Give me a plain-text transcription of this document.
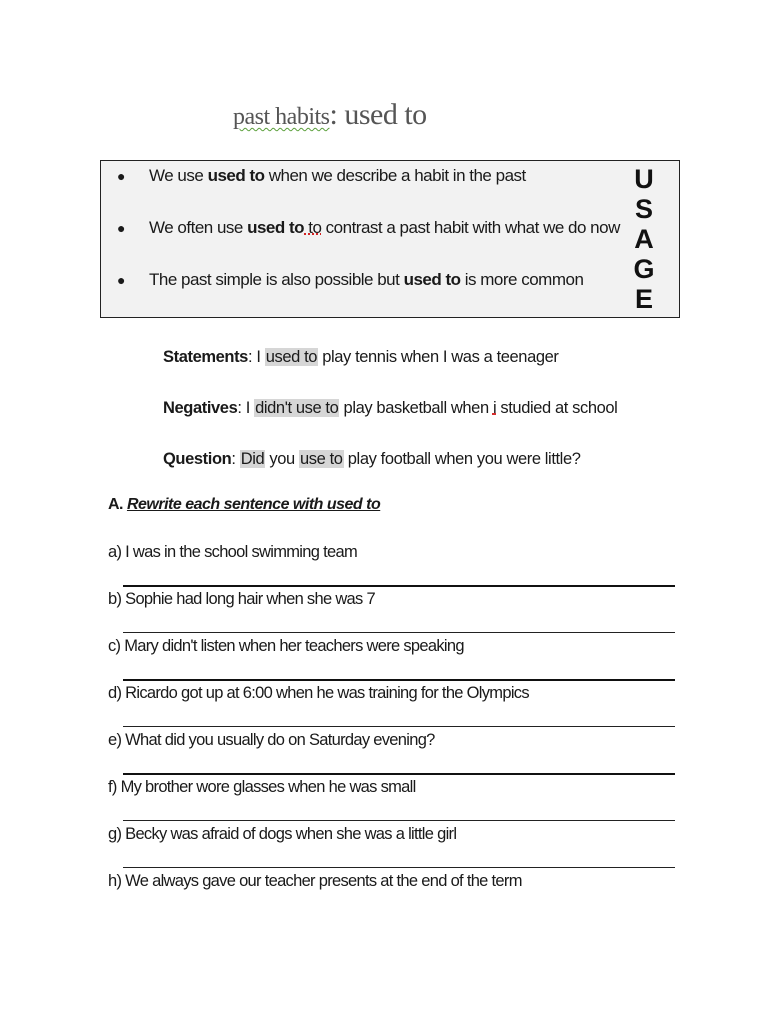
past habits: used to
● We use used to when we describe a habit in the past
● We often use used to to contrast a past habit with what we do now
● The past simple is also possible but used to is more common
U
S
A
G
E
Statements: I used to play tennis when I was a teenager
Negatives: I didn't use to play basketball when i studied at school
Question: Did you use to play football when you were little?
A. Rewrite each sentence with used to
a) I was in the school swimming team
b) Sophie had long hair when she was 7
c) Mary didn't listen when her teachers were speaking
d) Ricardo got up at 6:00 when he was training for the Olympics
e) What did you usually do on Saturday evening?
f) My brother wore glasses when he was small
g) Becky was afraid of dogs when she was a little girl
h) We always gave our teacher presents at the end of the term
